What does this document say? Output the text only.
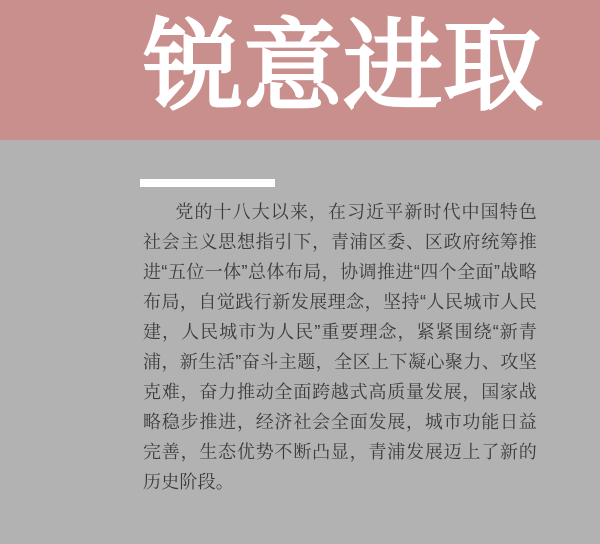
锐意进取

党的十八大以来，在习近平新时代中国特色社会主义思想指引下，青浦区委、区政府统筹推进“五位一体”总体布局，协调推进“四个全面”战略布局，自觉践行新发展理念，坚持“人民城市人民建，人民城市为人民”重要理念，紧紧围绕“新青浦，新生活”奋斗主题，全区上下凝心聚力、攻坚克难，奋力推动全面跨越式高质量发展，国家战略稳步推进，经济社会全面发展，城市功能日益完善，生态优势不断凸显，青浦发展迈上了新的历史阶段。
